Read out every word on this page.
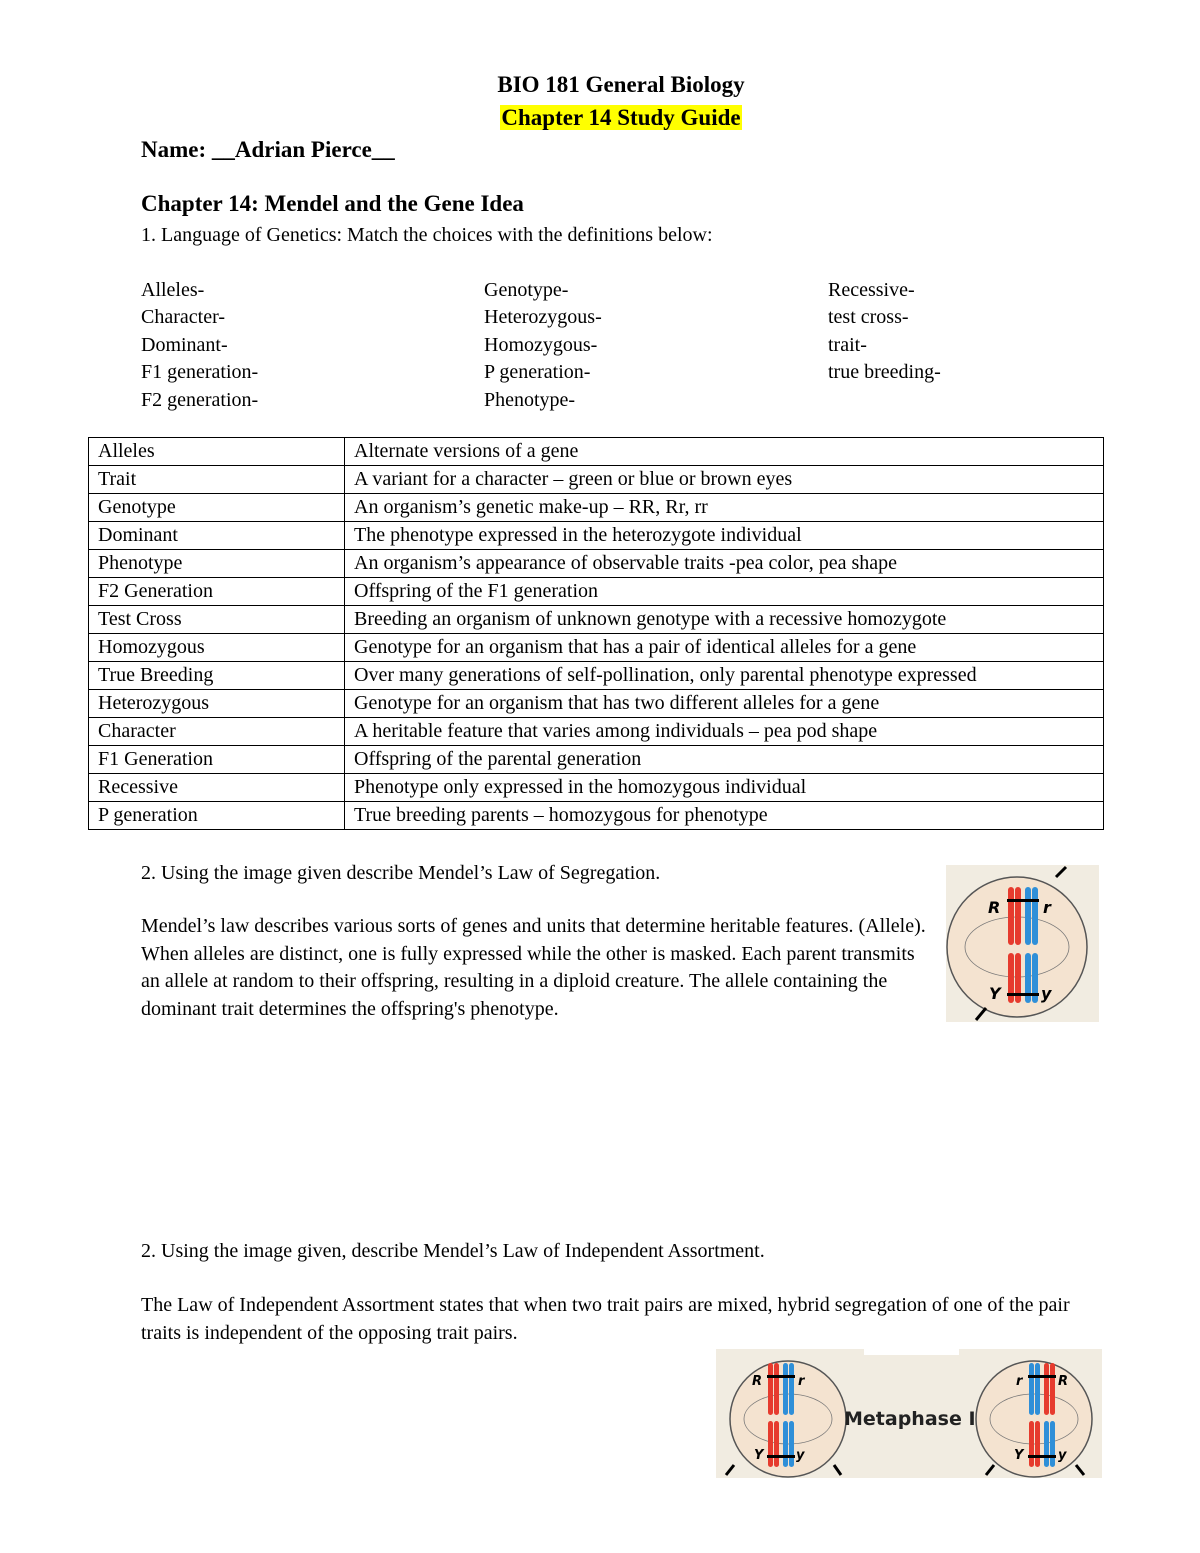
BIO 181 General Biology
Chapter 14 Study Guide
Name: __Adrian Pierce__
Chapter 14: Mendel and the Gene Idea
1. Language of Genetics: Match the choices with the definitions below:
Alleles-
Character-
Dominant-
F1 generation-
F2 generation-
Genotype-
Heterozygous-
Homozygous-
P generation-
Phenotype-
Recessive-
test cross-
trait-
true breeding-
Alleles	Alternate versions of a gene
Trait	A variant for a character – green or blue or brown eyes
Genotype	An organism’s genetic make-up – RR, Rr, rr
Dominant	The phenotype expressed in the heterozygote individual
Phenotype	An organism’s appearance of observable traits -pea color, pea shape
F2 Generation	Offspring of the F1 generation
Test Cross	Breeding an organism of unknown genotype with a recessive homozygote
Homozygous	Genotype for an organism that has a pair of identical alleles for a gene
True Breeding	Over many generations of self-pollination, only parental phenotype expressed
Heterozygous	Genotype for an organism that has two different alleles for a gene
Character	A heritable feature that varies among individuals – pea pod shape
F1 Generation	Offspring of the parental generation
Recessive	Phenotype only expressed in the homozygous individual
P generation	True breeding parents – homozygous for phenotype
2. Using the image given describe Mendel’s Law of Segregation.
Mendel’s law describes various sorts of genes and units that determine heritable features. (Allele). When alleles are distinct, one is fully expressed while the other is masked. Each parent transmits an allele at random to their offspring, resulting in a diploid creature. The allele containing the dominant trait determines the offspring's phenotype.
R	r
Y	y
2. Using the image given, describe Mendel’s Law of Independent Assortment.
The Law of Independent Assortment states that when two trait pairs are mixed, hybrid segregation of one of the pair traits is independent of the opposing trait pairs.
R	r
Y	y
Metaphase I
r	R
Y	y
